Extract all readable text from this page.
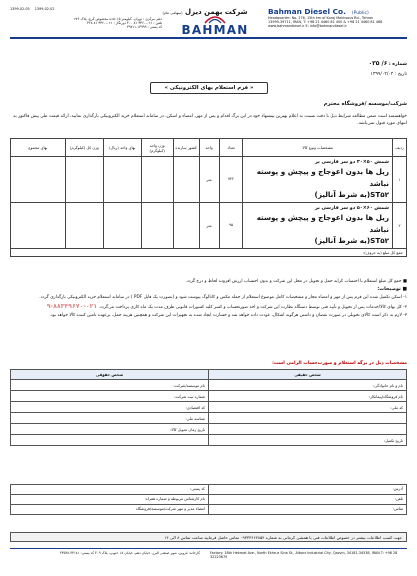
1399-02-05 1399-02-02	شرکت بهمن دیزل (سهامی عام)
BAHMAN
Bahman Diesel Co. (Public)
Headquarter: No. 276, 15th km of Karaj Makhsous Rd., Tehran
13999-39711, IRAN, T: +98 21 4460 81 400 & +98 21 4460 81 468
www.bahmandiesel.ir E: info@bahmandiesel.ir
دفتر مرکزی : تهران، کیلومتر ۱۵ جاده مخصوص کرج، پلاک ۲۷۶
تلفن : ۰۲۱-۴۴۶۰ ۸۱ ۴۰۰ دورنگار : ۰۲۱-۴۴۶۰ ۸۱ ۴۶۸
کد پستی : ۱۳۹۹۹-۳۹۷۱۱
شماره : ۶/ ۰۳۵
تاریخ : ۱۳۹۹/۰۲/۰۲
« فرم استعلام بهای الکترونیکی »
شرکت/موسسه /فروشگاه محترم
خواهشمند است ضمن مطالعه شرایط ذیل با دقت نسبت به اعلام بهترین پیشنهاد خود در این برگ اقدام و پس از مهر، امضاء و اسکن، در سامانه استعلام خرید الکترونیکی بارگذاری نمایید، ارائه قیمت طی پیش فاکتور به انتهای مورد قبول نمی‌باشد.
ردیف	مشخصات ونوع کالا	تعداد	واحد	کشور سازنده	وزن واحد (کیلوگرم)	بهای واحد (ریال)	وزن کل (کیلوگرم)	بهای مجموع
۱	شمش ۵۰×۳۰ دو سر فارسی بر
ریل ها بدون اعوجاج و پیچش و پوسته نباشد
ST۵۲(به شرط آنالیز)	۷۴۲	متر					
۲	شمش ۶۰×۵۰ دو سر فارسی بر
ریل ها بدون اعوجاج و پیچش و پوسته نباشد
ST۵۲(به شرط آنالیز)	۹۵	متر					
جمع کل مبلغ (به حروف):								

■ جمع کل مبلغ استعلام با احتساب کرایه حمل و تحویل در محل این شرکت و بدون احتساب ارزش افزوده لحاظ و درج گردد.

■ توضیحات:

۱- اسکن تکمیل شده این فرم پس از مهر و امضاء مجاز و مشخصات کامل موضوع استعلام از جمله مکس و کاتالوگ پیوست شود و (بصورت یک فایل PDF ) در سامانه استعلام خرید الکترونیکی بارگذاری گردد.

۲- کل بهای کالا/خدمات پس از تحویل و تأیید فنی توسط دستگاه نظارت این شرکت و اخذ صورتحساب و کسر کلیه کسورات قانونی ظرف مدت یک ماه کاری پرداخت می‌گردد. ۰۲۱-۸۸۳۴۹۶۷۰-۹

۳- لازم به ذکر است کالای تحویلی در صورت نقصان و داشتن هرگونه اشکال، عودت داده خواهد شد و خسارت ایجاد شده به تجهیزات این شرکت و همچنین هزینه حمل، برعهده تامین کننده کالا خواهد بود.

مشخصات ذیل در برگه استعلام و صورت‌حساب الزامی است:
شخص حقیقی	شخص حقوقی
نام و نام خانوادگی:	نام موسسه/شرکت:
نام فروشگاه/پیمانکار:	شماره ثبت شرکت:
کد ملی:	کد اقتصادی:
	شناسه ملی:
	تاریخ زمان تحویل کالا:
تاریخ تکمیل:	
آدرس:	کد پستی:
تلفن:	نام کارشناس مربوطه و شماره همراه:
تماس:	امضاء مدیر و مهر شرکت/موسسه/فروشگاه
جهت کسب اطلاعات بیشتر در خصوص اطلاعات فنی با همشی کرمانی به شماره ۰۹۳۳۳۶۶۲۸۵۴ تماس حاصل فرمایید ساعت تماس ۸ الی ۱۴
کارخانه: قزوین، شهر صنعتی البرز، خیابان دهم، خیابان ۱۸ جنوبی، پلاک ۳۰۹ کد پستی: ۳۴۱۸۱-۳۴۵۳۸	Factory: 18th Hekmat Ave., North Ekhe-e Sina St., Alborz Industrial City, Qazvin, 34181-34538, IRAN T: +98 28 32223670
